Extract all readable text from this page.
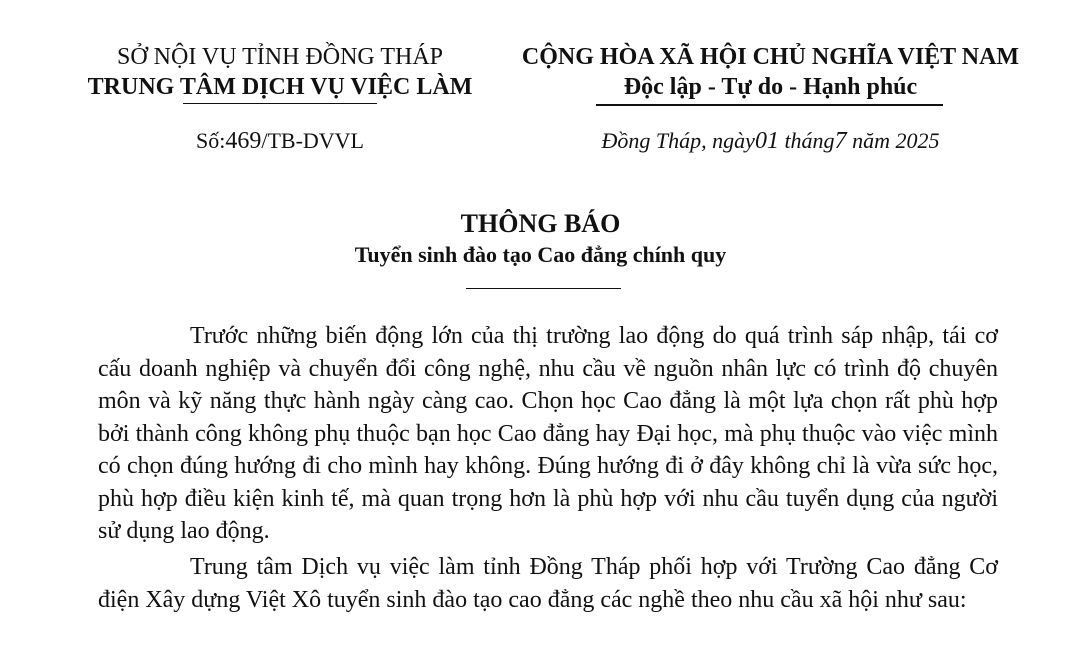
SỞ NỘI VỤ TỈNH ĐỒNG THÁP
TRUNG TÂM DỊCH VỤ VIỆC LÀM
CỘNG HÒA XÃ HỘI CHỦ NGHĨA VIỆT NAM
Độc lập - Tự do - Hạnh phúc
Số:469/TB-DVVL	Đồng Tháp, ngày01 tháng7 năm 2025
THÔNG BÁO
Tuyển sinh đào tạo Cao đẳng chính quy

Trước những biến động lớn của thị trường lao động do quá trình sáp nhập, tái cơ cấu doanh nghiệp và chuyển đổi công nghệ, nhu cầu về nguồn nhân lực có trình độ chuyên môn và kỹ năng thực hành ngày càng cao. Chọn học Cao đẳng là một lựa chọn rất phù hợp bởi thành công không phụ thuộc bạn học Cao đẳng hay Đại học, mà phụ thuộc vào việc mình có chọn đúng hướng đi cho mình hay không. Đúng hướng đi ở đây không chỉ là vừa sức học, phù hợp điều kiện kinh tế, mà quan trọng hơn là phù hợp với nhu cầu tuyển dụng của người sử dụng lao động.

Trung tâm Dịch vụ việc làm tỉnh Đồng Tháp phối hợp với Trường Cao đẳng Cơ điện Xây dựng Việt Xô tuyển sinh đào tạo cao đẳng các nghề theo nhu cầu xã hội như sau:
